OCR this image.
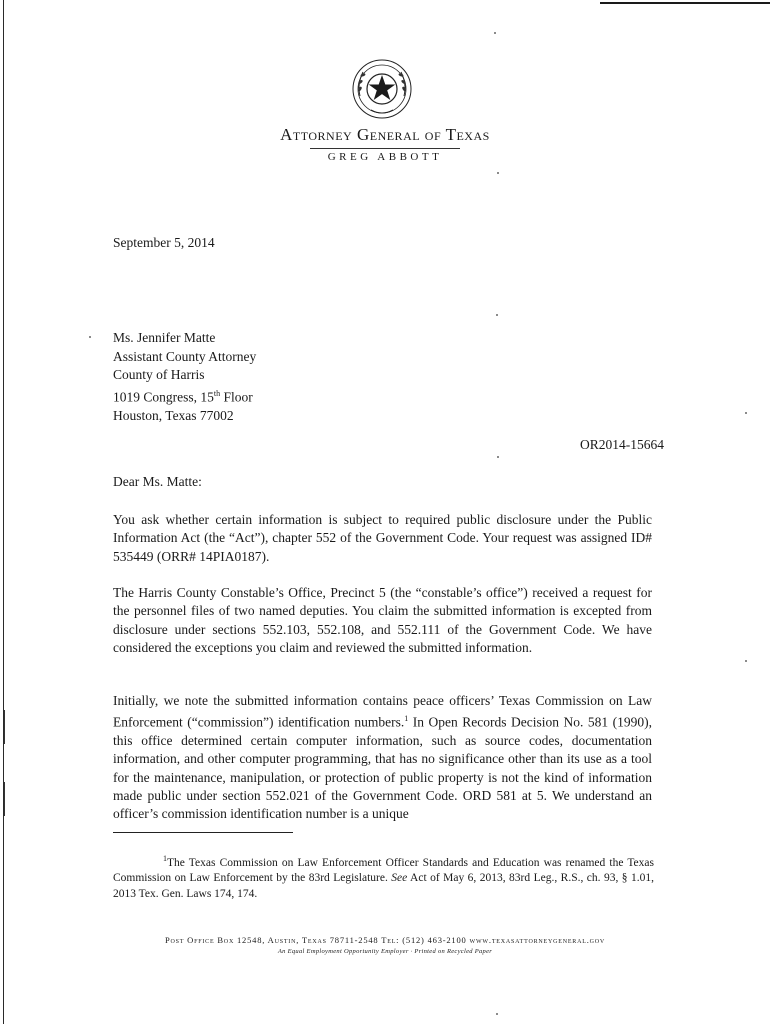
Attorney General of Texas
GREG ABBOTT
September 5, 2014
Ms. Jennifer Matte
Assistant County Attorney
County of Harris
1019 Congress, 15th Floor
Houston, Texas 77002
OR2014-15664
Dear Ms. Matte:

You ask whether certain information is subject to required public disclosure under the Public Information Act (the “Act”), chapter 552 of the Government Code. Your request was assigned ID# 535449 (ORR# 14PIA0187).

The Harris County Constable’s Office, Precinct 5 (the “constable’s office”) received a request for the personnel files of two named deputies. You claim the submitted information is excepted from disclosure under sections 552.103, 552.108, and 552.111 of the Government Code. We have considered the exceptions you claim and reviewed the submitted information.

Initially, we note the submitted information contains peace officers’ Texas Commission on Law Enforcement (“commission”) identification numbers.$^1$ In Open Records Decision No. 581 (1990), this office determined certain computer information, such as source codes, documentation information, and other computer programming, that has no significance other than its use as a tool for the maintenance, manipulation, or protection of public property is not the kind of information made public under section 552.021 of the Government Code. ORD 581 at 5. We understand an officer’s commission identification number is a unique

$^1$The Texas Commission on Law Enforcement Officer Standards and Education was renamed the Texas Commission on Law Enforcement by the 83rd Legislature. See Act of May 6, 2013, 83rd Leg., R.S., ch. 93, § 1.01, 2013 Tex. Gen. Laws 174, 174.

Post Office Box 12548, Austin, Texas 78711-2548 Tel: (512) 463-2100 www.texasattorneygeneral.gov
An Equal Employment Opportunity Employer · Printed on Recycled Paper
